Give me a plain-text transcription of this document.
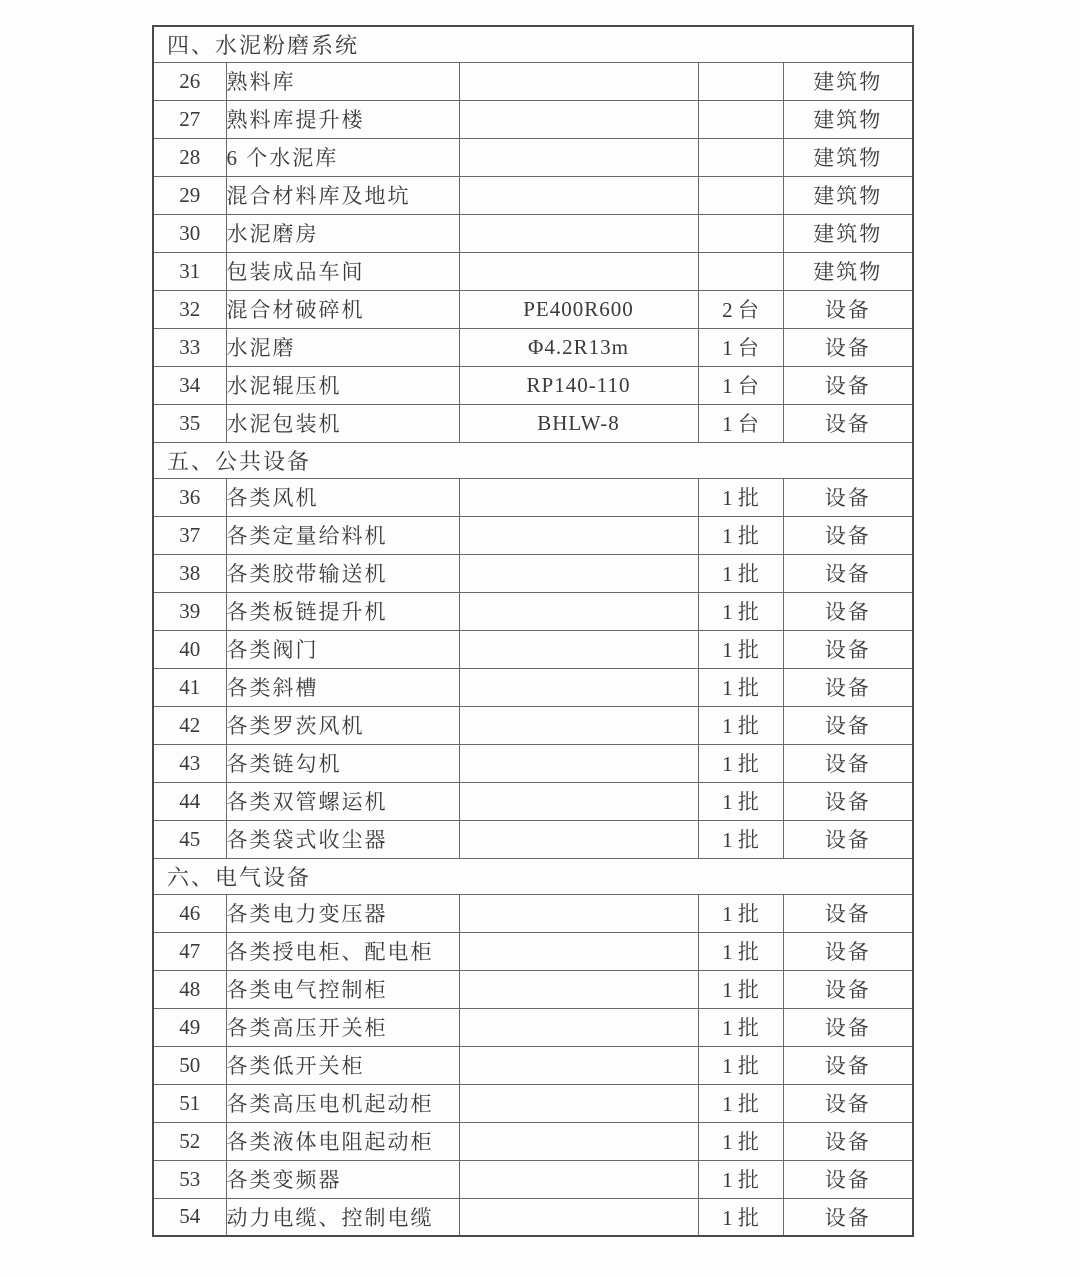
四、水泥粉磨系统				
26	熟料库			建筑物
27	熟料库提升楼			建筑物
28	6 个水泥库			建筑物
29	混合材料库及地坑			建筑物
30	水泥磨房			建筑物
31	包装成品车间			建筑物
32	混合材破碎机	PE400R600	2 台	设备
33	水泥磨	Φ4.2R13m	1 台	设备
34	水泥辊压机	RP140-110	1 台	设备
35	水泥包装机	BHLW-8	1 台	设备
五、公共设备				
36	各类风机		1 批	设备
37	各类定量给料机		1 批	设备
38	各类胶带输送机		1 批	设备
39	各类板链提升机		1 批	设备
40	各类阀门		1 批	设备
41	各类斜槽		1 批	设备
42	各类罗茨风机		1 批	设备
43	各类链勾机		1 批	设备
44	各类双管螺运机		1 批	设备
45	各类袋式收尘器		1 批	设备
六、电气设备				
46	各类电力变压器		1 批	设备
47	各类授电柜、配电柜		1 批	设备
48	各类电气控制柜		1 批	设备
49	各类高压开关柜		1 批	设备
50	各类低开关柜		1 批	设备
51	各类高压电机起动柜		1 批	设备
52	各类液体电阻起动柜		1 批	设备
53	各类变频器		1 批	设备
54	动力电缆、控制电缆		1 批	设备
